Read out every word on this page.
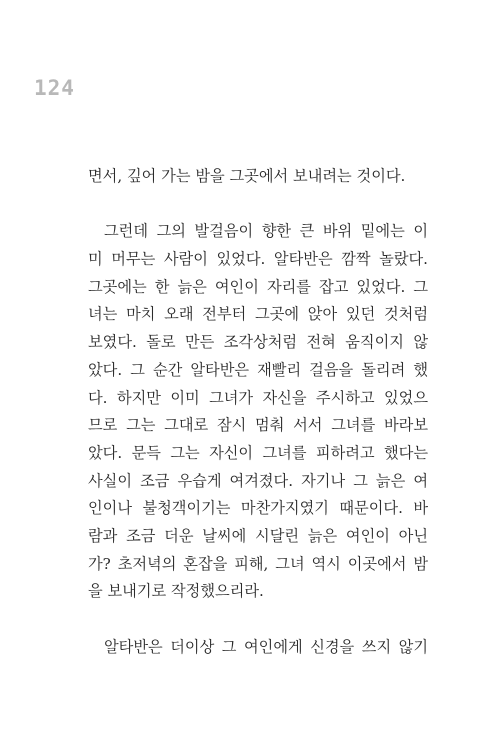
124
면서, 깊어 가는 밤을 그곳에서 보내려는 것이다.
그런데 그의 발걸음이 향한 큰 바위 밑에는 이
미 머무는 사람이 있었다. 알타반은 깜짝 놀랐다.
그곳에는 한 늙은 여인이 자리를 잡고 있었다. 그
녀는 마치 오래 전부터 그곳에 앉아 있던 것처럼
보였다. 돌로 만든 조각상처럼 전혀 움직이지 않
았다. 그 순간 알타반은 재빨리 걸음을 돌리려 했
다. 하지만 이미 그녀가 자신을 주시하고 있었으
므로 그는 그대로 잠시 멈춰 서서 그녀를 바라보
았다. 문득 그는 자신이 그녀를 피하려고 했다는
사실이 조금 우습게 여겨졌다. 자기나 그 늙은 여
인이나 불청객이기는 마찬가지였기 때문이다. 바
람과 조금 더운 날씨에 시달린 늙은 여인이 아닌
가? 초저녁의 혼잡을 피해, 그녀 역시 이곳에서 밤
을 보내기로 작정했으리라.
알타반은 더이상 그 여인에게 신경을 쓰지 않기
